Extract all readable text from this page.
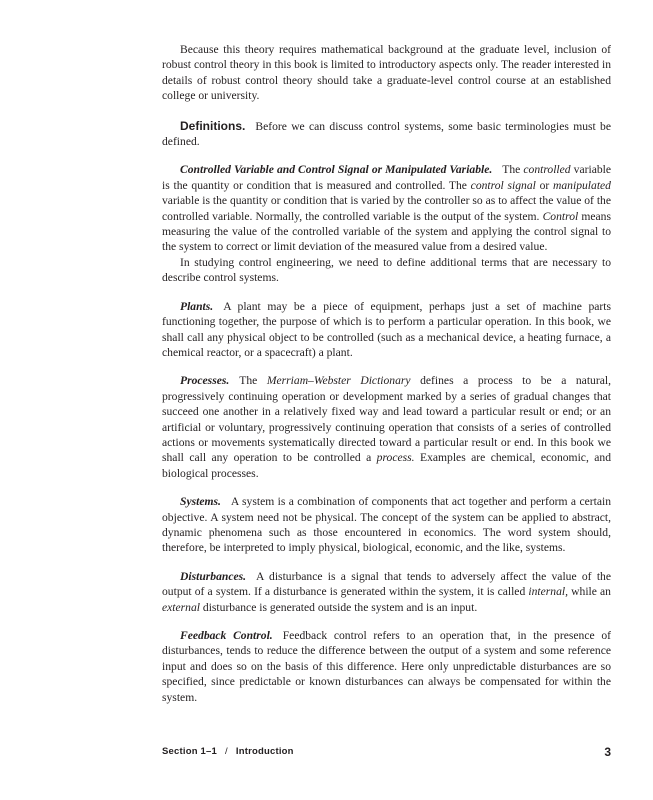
Because this theory requires mathematical background at the graduate level, inclusion of robust control theory in this book is limited to introductory aspects only. The reader interested in details of robust control theory should take a graduate-level control course at an established college or university.

Definitions. Before we can discuss control systems, some basic terminologies must be defined.

Controlled Variable and Control Signal or Manipulated Variable. The controlled variable is the quantity or condition that is measured and controlled. The control signal or manipulated variable is the quantity or condition that is varied by the controller so as to affect the value of the controlled variable. Normally, the controlled variable is the output of the system. Control means measuring the value of the controlled variable of the system and applying the control signal to the system to correct or limit deviation of the measured value from a desired value.

In studying control engineering, we need to define additional terms that are necessary to describe control systems.

Plants. A plant may be a piece of equipment, perhaps just a set of machine parts functioning together, the purpose of which is to perform a particular operation. In this book, we shall call any physical object to be controlled (such as a mechanical device, a heating furnace, a chemical reactor, or a spacecraft) a plant.

Processes. The Merriam–Webster Dictionary defines a process to be a natural, progressively continuing operation or development marked by a series of gradual changes that succeed one another in a relatively fixed way and lead toward a particular result or end; or an artificial or voluntary, progressively continuing operation that consists of a series of controlled actions or movements systematically directed toward a particular result or end. In this book we shall call any operation to be controlled a process. Examples are chemical, economic, and biological processes.

Systems. A system is a combination of components that act together and perform a certain objective. A system need not be physical. The concept of the system can be applied to abstract, dynamic phenomena such as those encountered in economics. The word system should, therefore, be interpreted to imply physical, biological, economic, and the like, systems.

Disturbances. A disturbance is a signal that tends to adversely affect the value of the output of a system. If a disturbance is generated within the system, it is called internal, while an external disturbance is generated outside the system and is an input.

Feedback Control. Feedback control refers to an operation that, in the presence of disturbances, tends to reduce the difference between the output of a system and some reference input and does so on the basis of this difference. Here only unpredictable disturbances are so specified, since predictable or known disturbances can always be compensated for within the system.

Section 1–1 / Introduction	3
